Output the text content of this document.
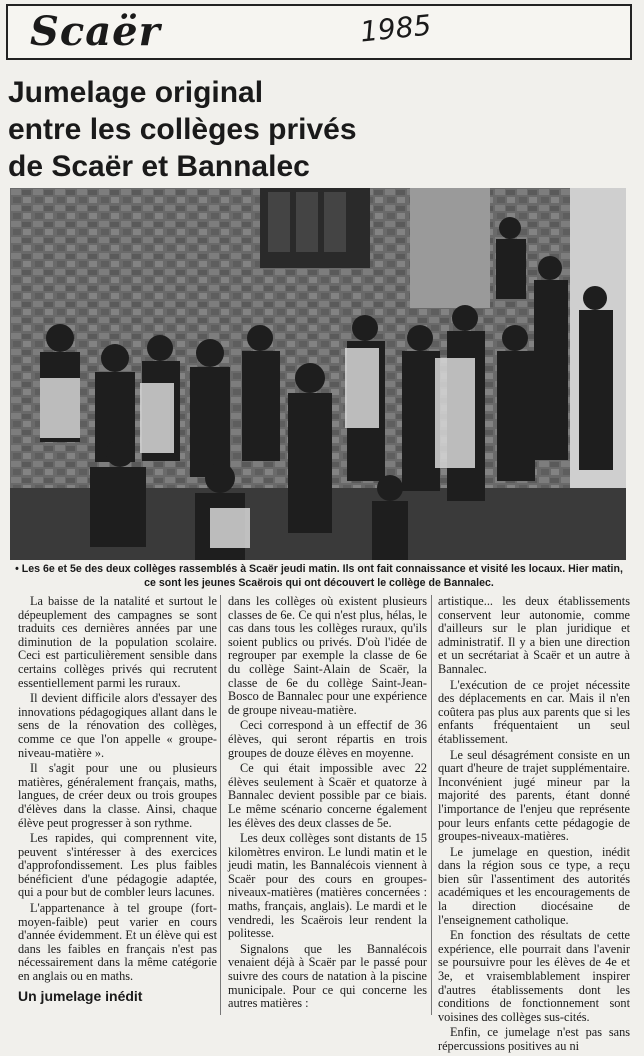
Scaër	1985
Jumelage original
entre les collèges privés
de Scaër et Bannalec
• Les 6e et 5e des deux collèges rassemblés à Scaër jeudi matin. Ils ont fait connaissance et visité les locaux. Hier matin, ce sont les jeunes Scaërois qui ont découvert le collège de Bannalec.

La baisse de la natalité et surtout le dépeuplement des campagnes se sont traduits ces dernières années par une diminution de la population scolaire. Ceci est particulièrement sensible dans certains collèges privés qui recrutent essentiellement parmi les ruraux.

Il devient difficile alors d'essayer des innovations pédagogiques allant dans le sens de la rénovation des collèges, comme ce que l'on appelle « groupe-niveau-matière ».

Il s'agit pour une ou plusieurs matières, généralement français, maths, langues, de créer deux ou trois groupes d'élèves dans la classe. Ainsi, chaque élève peut progresser à son rythme.

Les rapides, qui comprennent vite, peuvent s'intéresser à des exercices d'approfondissement. Les plus faibles bénéficient d'une pédagogie adaptée, qui a pour but de combler leurs lacunes.

L'appartenance à tel groupe (fort-moyen-faible) peut varier en cours d'année évidemment. Et un élève qui est dans les faibles en français n'est pas nécessairement dans la même catégorie en anglais ou en maths.

Un jumelage inédit

dans les collèges où existent plusieurs classes de 6e. Ce qui n'est plus, hélas, le cas dans tous les collèges ruraux, qu'ils soient publics ou privés. D'où l'idée de regrouper par exemple la classe de 6e du collège Saint-Alain de Scaër, la classe de 6e du collège Saint-Jean-Bosco de Bannalec pour une expérience de groupe niveau-matière.

Ceci correspond à un effectif de 36 élèves, qui seront répartis en trois groupes de douze élèves en moyenne.

Ce qui était impossible avec 22 élèves seulement à Scaër et quatorze à Bannalec devient possible par ce biais. Le même scénario concerne également les élèves des deux classes de 5e.

Les deux collèges sont distants de 15 kilomètres environ. Le lundi matin et le jeudi matin, les Bannalécois viennent à Scaër pour des cours en groupes-niveaux-matières (matières concernées : maths, français, anglais). Le mardi et le vendredi, les Scaërois leur rendent la politesse.

Signalons que les Bannalécois venaient déjà à Scaër par le passé pour suivre des cours de natation à la piscine municipale. Pour ce qui concerne les autres matières :

artistique... les deux établissements conservent leur autonomie, comme d'ailleurs sur le plan juridique et administratif. Il y a bien une direction et un secrétariat à Scaër et un autre à Bannalec.

L'exécution de ce projet nécessite des déplacements en car. Mais il n'en coûtera pas plus aux parents que si les enfants fréquentaient un seul établissement.

Le seul désagrément consiste en un quart d'heure de trajet supplémentaire. Inconvénient jugé mineur par la majorité des parents, étant donné l'importance de l'enjeu que représente pour leurs enfants cette pédagogie de groupes-niveaux-matières.

Le jumelage en question, inédit dans la région sous ce type, a reçu bien sûr l'assentiment des autorités académiques et les encouragements de la direction diocésaine de l'enseignement catholique.

En fonction des résultats de cette expérience, elle pourrait dans l'avenir se poursuivre pour les élèves de 4e et 3e, et vraisemblablement inspirer d'autres établissements dont les conditions de fonctionnement sont voisines des collèges sus-cités.

Enfin, ce jumelage n'est pas sans répercussions positives au ni
